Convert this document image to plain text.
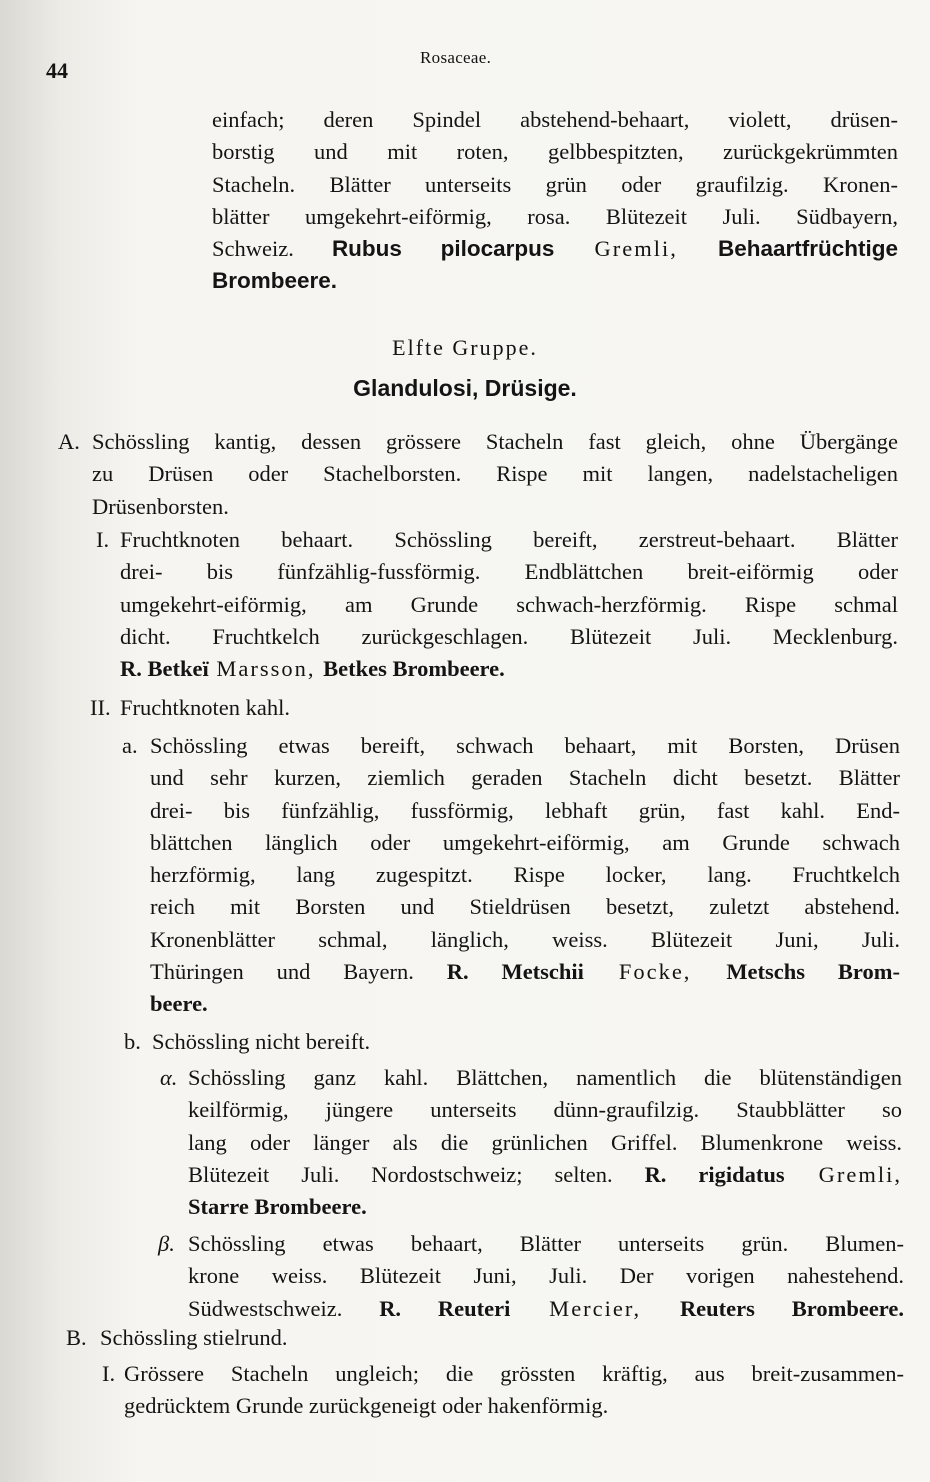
44
Rosaceae.
einfach; deren Spindel abstehend-behaart, violett, drüsen-
borstig und mit roten, gelbbespitzten, zurückgekrümmten
Stacheln. Blätter unterseits grün oder graufilzig. Kronen-
blätter umgekehrt-eiförmig, rosa. Blütezeit Juli. Südbayern,
Schweiz. Rubus pilocarpus Gremli, Behaartfrüchtige
Brombeere.
Elfte Gruppe.
Glandulosi, Drüsige.
A. Schössling kantig, dessen grössere Stacheln fast gleich, ohne Übergänge
zu Drüsen oder Stachelborsten. Rispe mit langen, nadelstacheligen
Drüsenborsten.
I. Fruchtknoten behaart. Schössling bereift, zerstreut-behaart. Blätter
drei- bis fünfzählig-fussförmig. Endblättchen breit-eiförmig oder
umgekehrt-eiförmig, am Grunde schwach-herzförmig. Rispe schmal
dicht. Fruchtkelch zurückgeschlagen. Blütezeit Juli. Mecklenburg.
R. Betkeï Marsson, Betkes Brombeere.
II. Fruchtknoten kahl.
a. Schössling etwas bereift, schwach behaart, mit Borsten, Drüsen
und sehr kurzen, ziemlich geraden Stacheln dicht besetzt. Blätter
drei- bis fünfzählig, fussförmig, lebhaft grün, fast kahl. End-
blättchen länglich oder umgekehrt-eiförmig, am Grunde schwach
herzförmig, lang zugespitzt. Rispe locker, lang. Fruchtkelch
reich mit Borsten und Stieldrüsen besetzt, zuletzt abstehend.
Kronenblätter schmal, länglich, weiss. Blütezeit Juni, Juli.
Thüringen und Bayern. R. Metschii Focke, Metschs Brom-
beere.
b. Schössling nicht bereift.
α. Schössling ganz kahl. Blättchen, namentlich die blütenständigen
keilförmig, jüngere unterseits dünn-graufilzig. Staubblätter so
lang oder länger als die grünlichen Griffel. Blumenkrone weiss.
Blütezeit Juli. Nordostschweiz; selten. R. rigidatus Gremli,
Starre Brombeere.
β. Schössling etwas behaart, Blätter unterseits grün. Blumen-
krone weiss. Blütezeit Juni, Juli. Der vorigen nahestehend.
Südwestschweiz. R. Reuteri Mercier, Reuters Brombeere.
B. Schössling stielrund.
I. Grössere Stacheln ungleich; die grössten kräftig, aus breit-zusammen-
gedrücktem Grunde zurückgeneigt oder hakenförmig.
